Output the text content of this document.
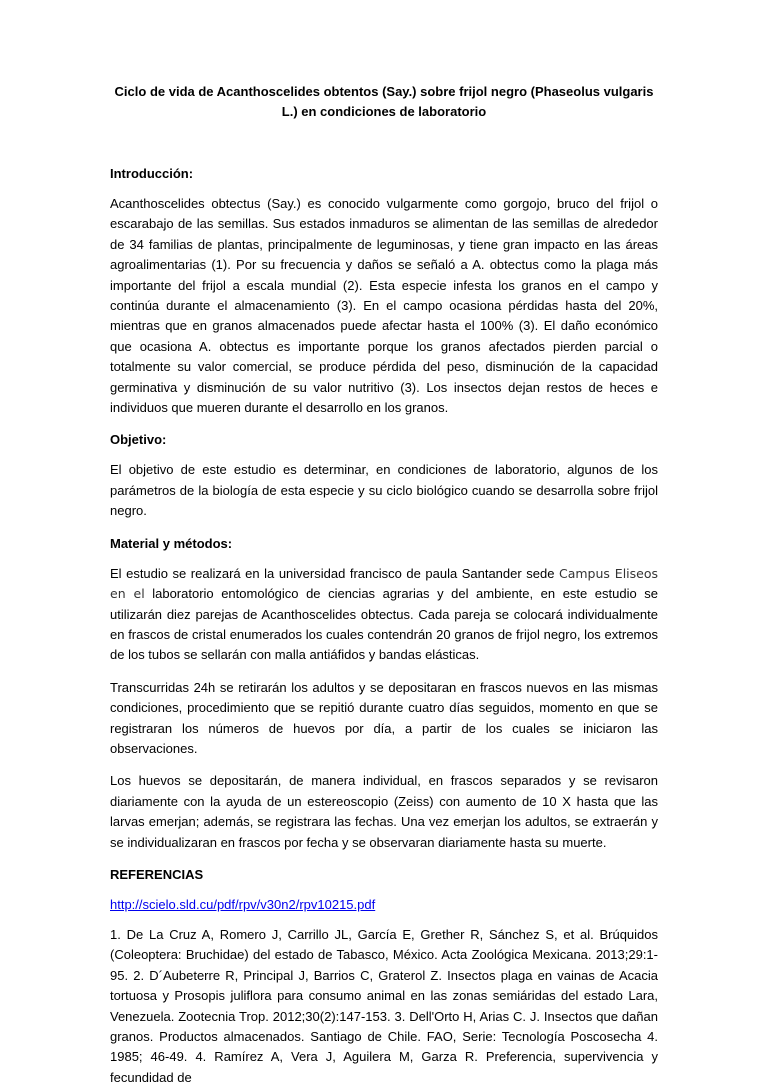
Ciclo de vida de Acanthoscelides obtentos (Say.) sobre frijol negro (Phaseolus vulgaris L.) en condiciones de laboratorio
Introducción:
Acanthoscelides obtectus (Say.) es conocido vulgarmente como gorgojo, bruco del frijol o escarabajo de las semillas. Sus estados inmaduros se alimentan de las semillas de alrededor de 34 familias de plantas, principalmente de leguminosas, y tiene gran impacto en las áreas agroalimentarias (1). Por su frecuencia y daños se señaló a A. obtectus como la plaga más importante del frijol a escala mundial (2). Esta especie infesta los granos en el campo y continúa durante el almacenamiento (3). En el campo ocasiona pérdidas hasta del 20%, mientras que en granos almacenados puede afectar hasta el 100% (3). El daño económico que ocasiona A. obtectus es importante porque los granos afectados pierden parcial o totalmente su valor comercial, se produce pérdida del peso, disminución de la capacidad germinativa y disminución de su valor nutritivo (3). Los insectos dejan restos de heces e individuos que mueren durante el desarrollo en los granos.
Objetivo:
El objetivo de este estudio es determinar, en condiciones de laboratorio, algunos de los parámetros de la biología de esta especie y su ciclo biológico cuando se desarrolla sobre frijol negro.
Material y métodos:
El estudio se realizará en la universidad francisco de paula Santander sede Campus Eliseos en el laboratorio entomológico de ciencias agrarias y del ambiente, en este estudio se utilizarán diez parejas de Acanthoscelides obtectus. Cada pareja se colocará individualmente en frascos de cristal enumerados los cuales contendrán 20 granos de frijol negro, los extremos de los tubos se sellarán con malla antiáfidos y bandas elásticas.
Transcurridas 24h se retirarán los adultos y se depositaran en frascos nuevos en las mismas condiciones, procedimiento que se repitió durante cuatro días seguidos, momento en que se registraran los números de huevos por día, a partir de los cuales se iniciaron las observaciones.
Los huevos se depositarán, de manera individual, en frascos separados y se revisaron diariamente con la ayuda de un estereoscopio (Zeiss) con aumento de 10 X hasta que las larvas emerjan; además, se registrara las fechas. Una vez emerjan los adultos, se extraerán y se individualizaran en frascos por fecha y se observaran diariamente hasta su muerte.
REFERENCIAS
http://scielo.sld.cu/pdf/rpv/v30n2/rpv10215.pdf
1. De La Cruz A, Romero J, Carrillo JL, García E, Grether R, Sánchez S, et al. Brúquidos (Coleoptera: Bruchidae) del estado de Tabasco, México. Acta Zoológica Mexicana. 2013;29:1-95. 2. D´Aubeterre R, Principal J, Barrios C, Graterol Z. Insectos plaga en vainas de Acacia tortuosa y Prosopis juliflora para consumo animal en las zonas semiáridas del estado Lara, Venezuela. Zootecnia Trop. 2012;30(2):147-153. 3. Dell'Orto H, Arias C. J. Insectos que dañan granos. Productos almacenados. Santiago de Chile. FAO, Serie: Tecnología Poscosecha 4. 1985; 46-49. 4. Ramírez A, Vera J, Aguilera M, Garza R. Preferencia, supervivencia y fecundidad de
